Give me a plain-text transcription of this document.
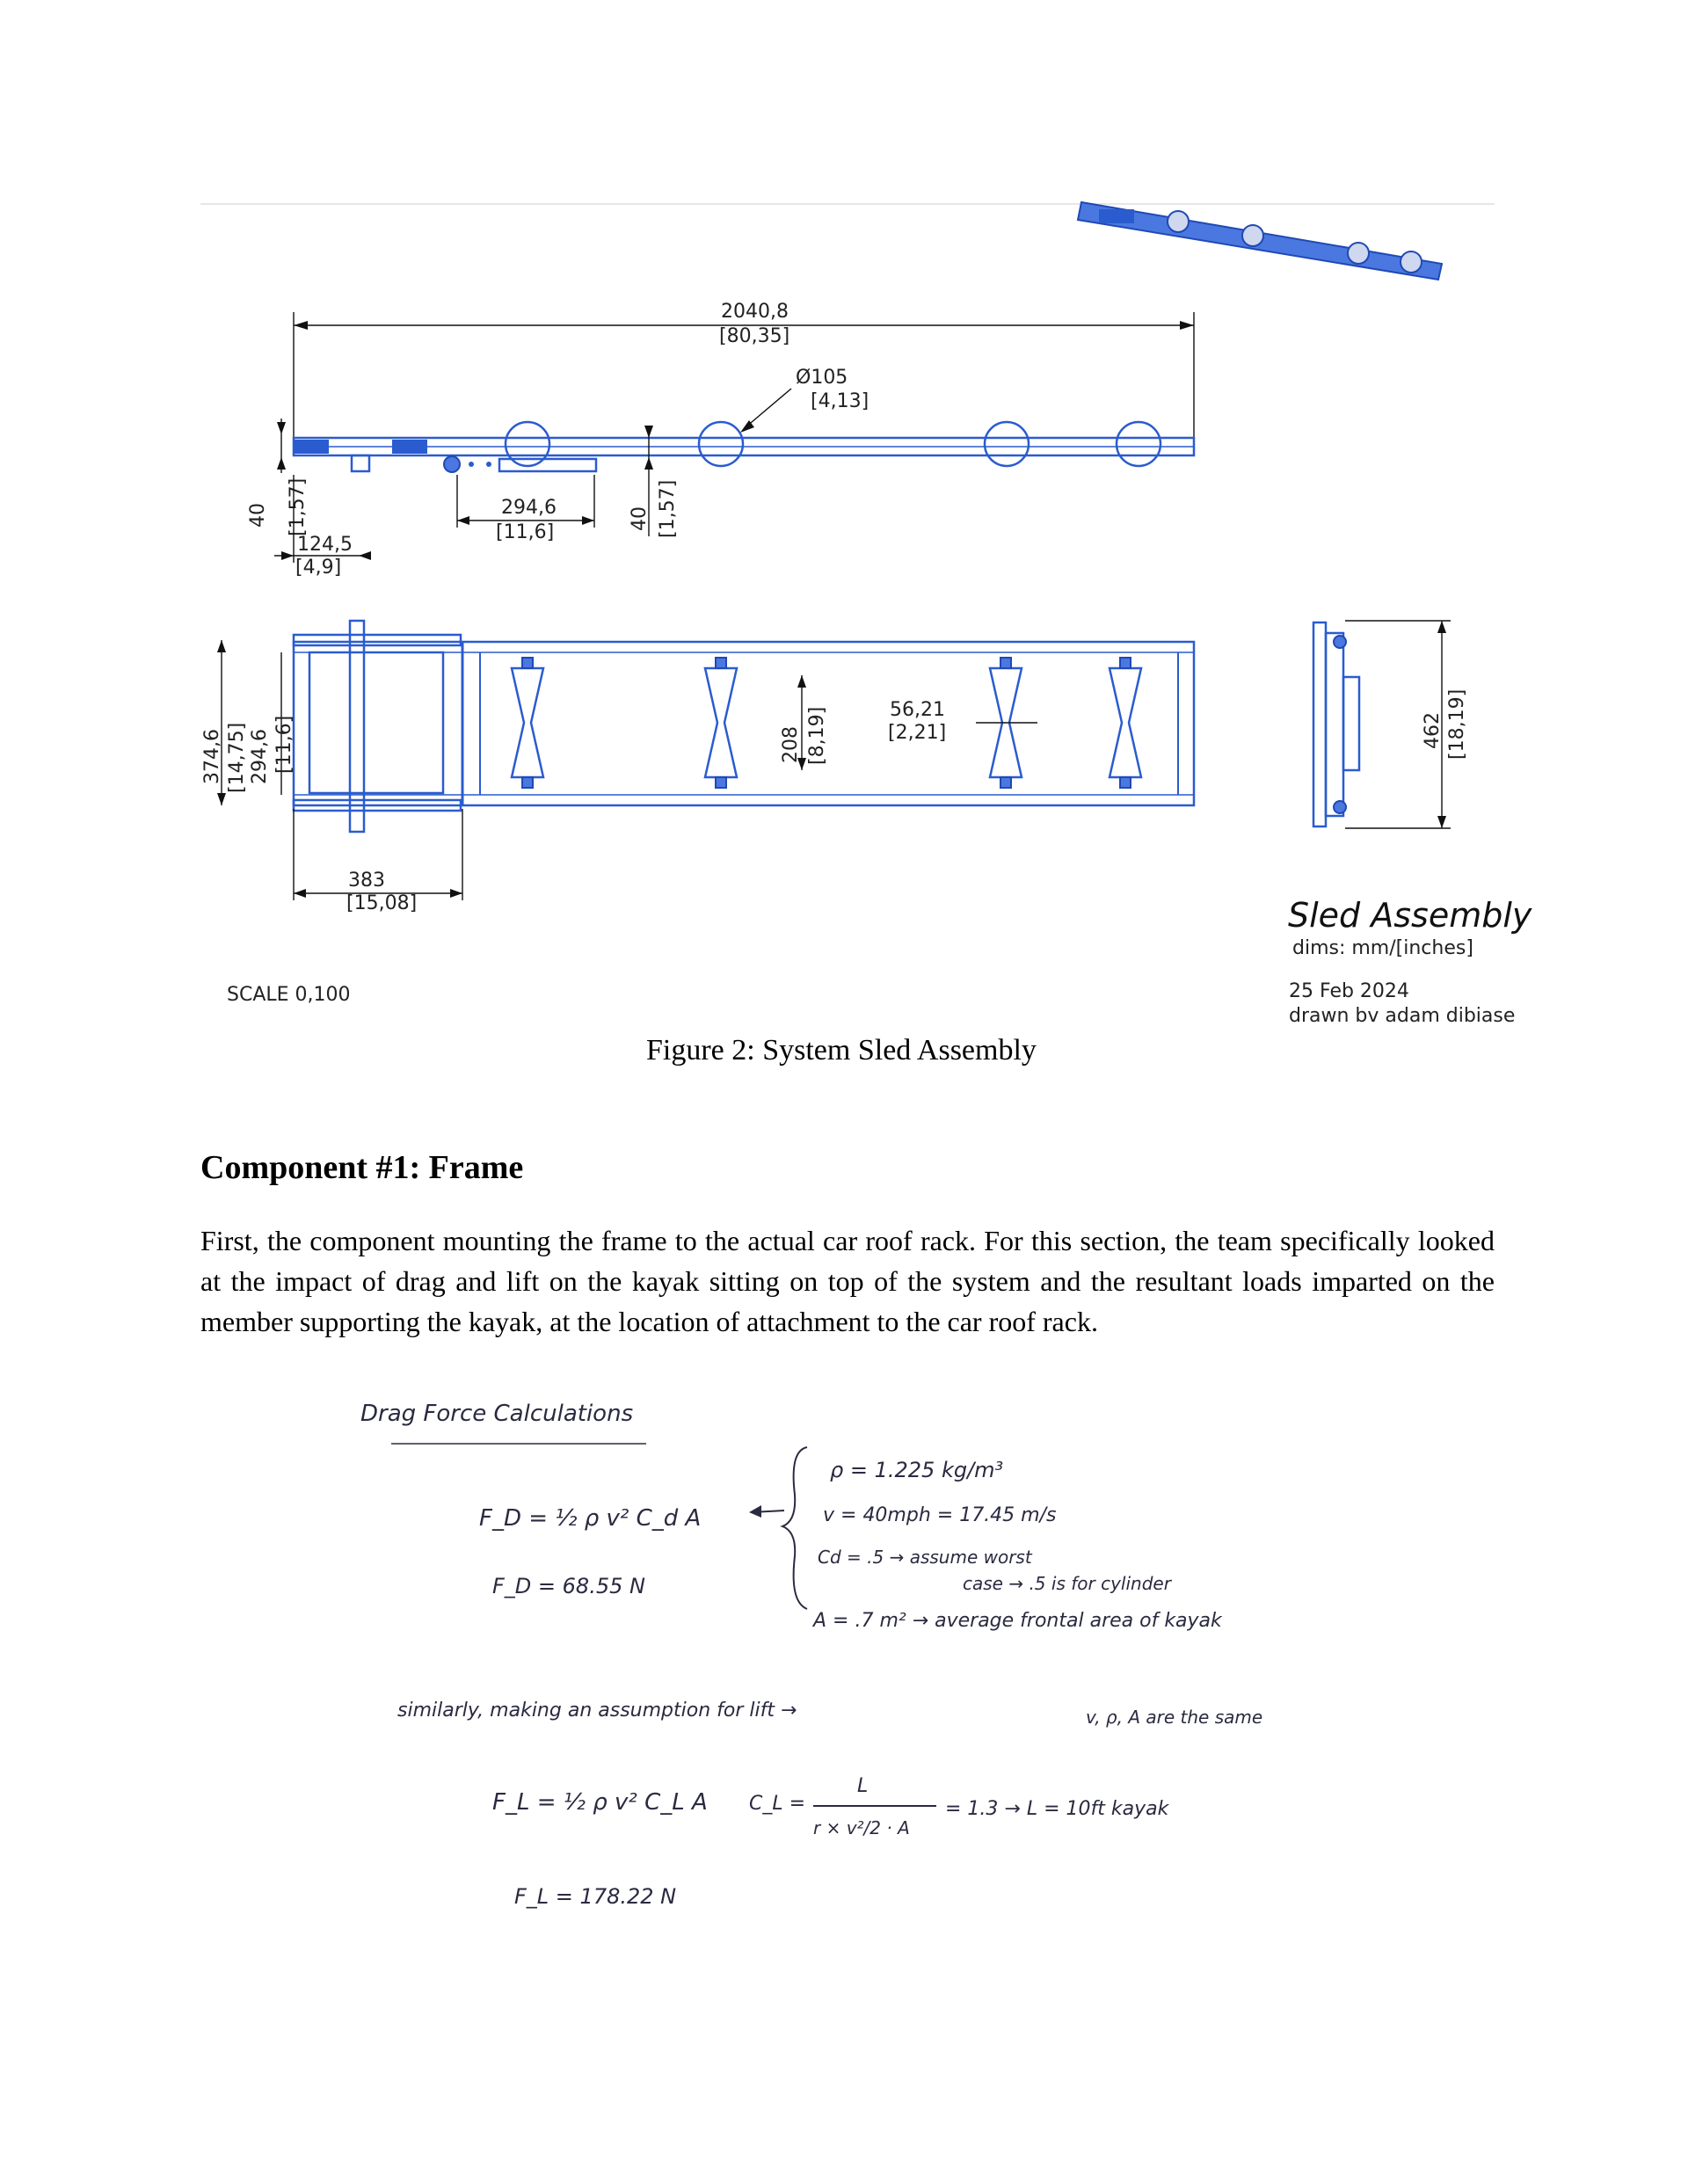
2040,8
[80,35]
Ø105
[4,13]
40 [1,57]
124,5
[4,9]
294,6
[11,6]
40 [1,57]
374,6 [14,75] 294,6 [11,6]	208 [8,19]	56,21
[2,21]
383
[15,08]
462 [18,19]
Sled Assembly
dims: mm/[inches]
25 Feb 2024
drawn bv adam dibiase
SCALE 0,100
Figure 2: System Sled Assembly
Component #1: Frame
First, the component mounting the frame to the actual car roof rack. For this section, the team specifically looked at the impact of drag and lift on the kayak sitting on top of the system and the resultant loads imparted on the member supporting the kayak, at the location of attachment to the car roof rack.
Drag Force Calculations
F_D = ½ ρ v² C_d A
F_D = 68.55 N
ρ = 1.225 kg/m³
v = 40mph = 17.45 m/s
Cd = .5 → assume worst
case → .5 is for cylinder
A = .7 m² → average frontal area of kayak
similarly, making an assumption for lift →	v, ρ, A are the same
F_L = ½ ρ v² C_L A C_L =
L
r × v²/2 · A
= 1.3 → L = 10ft kayak
F_L = 178.22 N
